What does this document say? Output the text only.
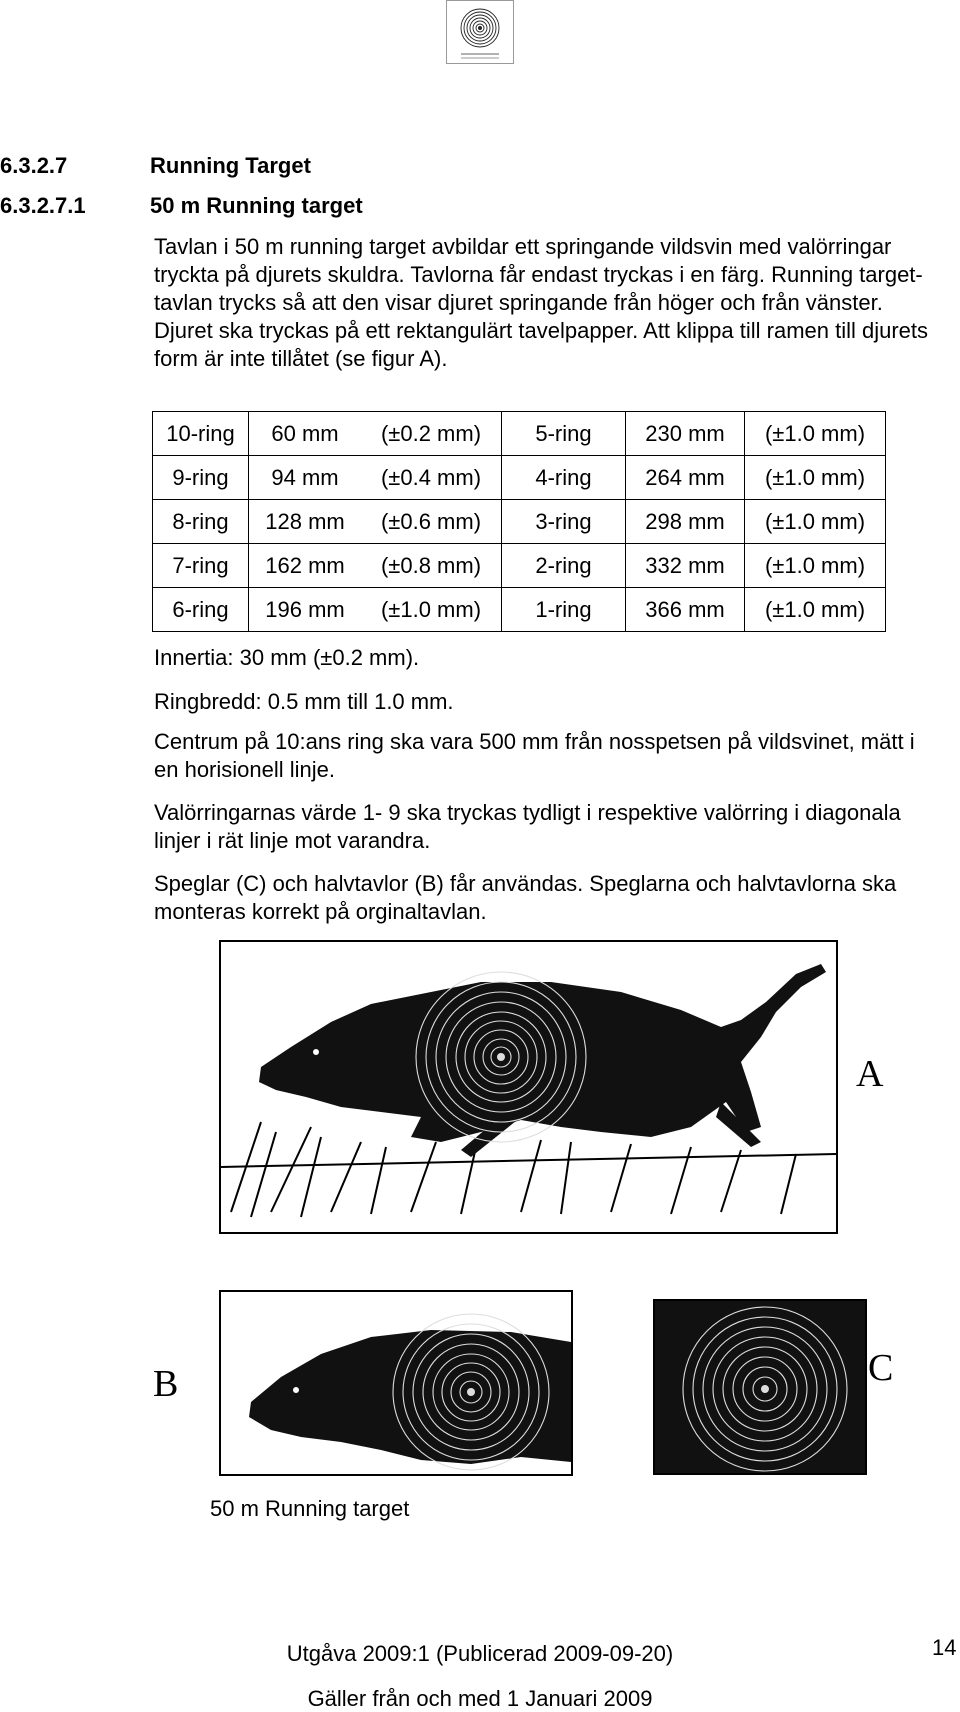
6.3.2.7	Running Target
6.3.2.7.1	50 m Running target
Tavlan i 50 m running target avbildar ett springande vildsvin med valörringar tryckta på djurets skuldra. Tavlorna får endast tryckas i en färg. Running target-tavlan trycks så att den visar djuret springande från höger och från vänster. Djuret ska tryckas på ett rektangulärt tavelpapper. Att klippa till ramen till djurets form är inte tillåtet (se figur A).
10-ring	60 mm	(±0.2 mm)	5-ring	230 mm	(±1.0 mm)
9-ring	94 mm	(±0.4 mm)	4-ring	264 mm	(±1.0 mm)
8-ring	128 mm	(±0.6 mm)	3-ring	298 mm	(±1.0 mm)
7-ring	162 mm	(±0.8 mm)	2-ring	332 mm	(±1.0 mm)
6-ring	196 mm	(±1.0 mm)	1-ring	366 mm	(±1.0 mm)
Innertia: 30 mm (±0.2 mm).
Ringbredd: 0.5 mm till 1.0 mm.
Centrum på 10:ans ring ska vara 500 mm från nosspetsen på vildsvinet, mätt i en horisionell linje.
Valörringarnas värde 1- 9 ska tryckas tydligt i respektive valörring i diagonala linjer i rät linje mot varandra.
Speglar (C) och halvtavlor (B) får användas. Speglarna och halvtavlorna ska monteras korrekt på orginaltavlan.
A
B	C
50 m Running target
Utgåva 2009:1 (Publicerad 2009-09-20)
Gäller från och med 1 Januari 2009
14
